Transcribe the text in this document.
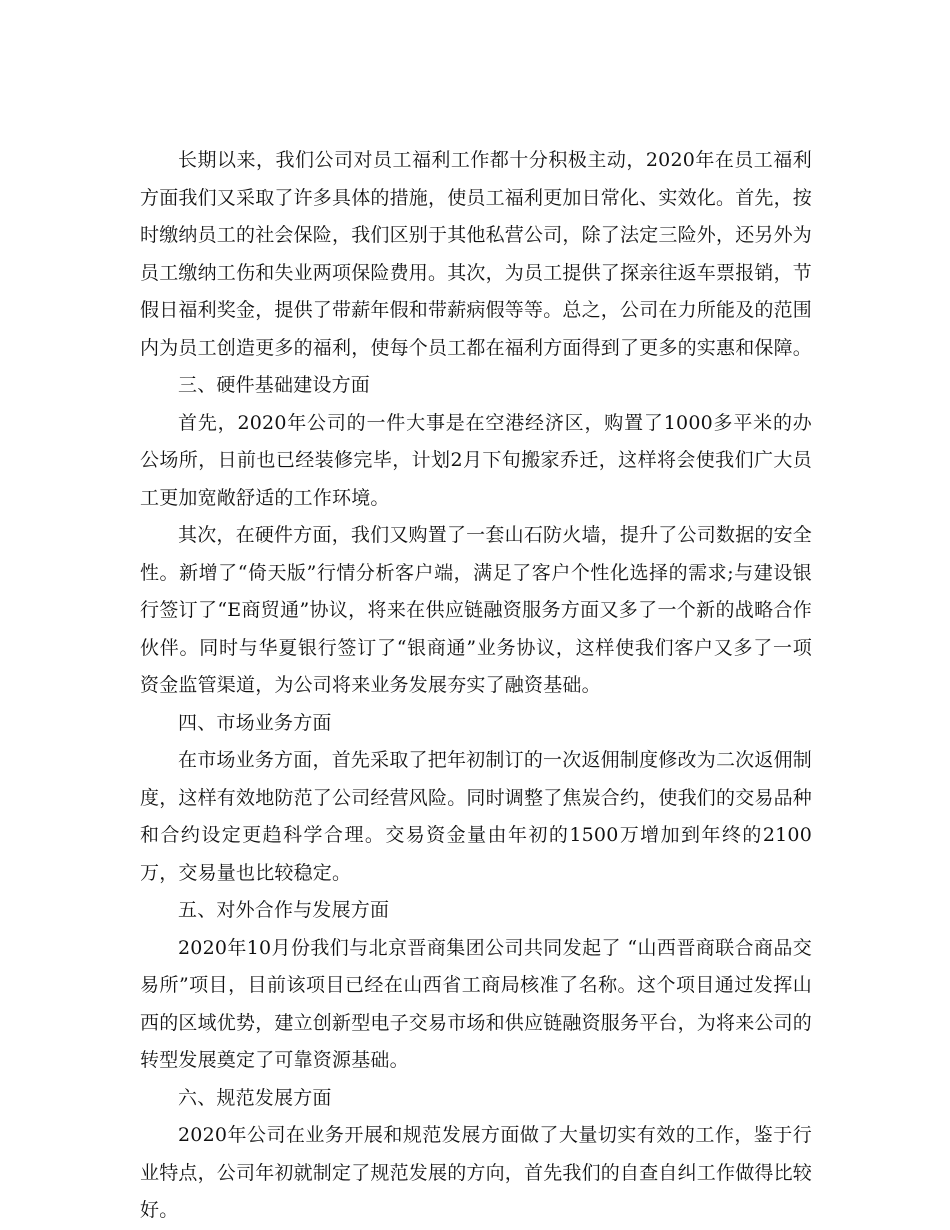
长期以来，我们公司对员工福利工作都十分积极主动，2020年在员工福利方面我们又采取了许多具体的措施，使员工福利更加日常化、实效化。首先，按时缴纳员工的社会保险，我们区别于其他私营公司，除了法定三险外，还另外为员工缴纳工伤和失业两项保险费用。其次，为员工提供了探亲往返车票报销，节假日福利奖金，提供了带薪年假和带薪病假等等。总之，公司在力所能及的范围内为员工创造更多的福利，使每个员工都在福利方面得到了更多的实惠和保障。

三、硬件基础建设方面

首先，2020年公司的一件大事是在空港经济区，购置了1000多平米的办公场所，日前也已经装修完毕，计划2月下旬搬家乔迁，这样将会使我们广大员工更加宽敞舒适的工作环境。

其次，在硬件方面，我们又购置了一套山石防火墙，提升了公司数据的安全性。新增了“倚天版”行情分析客户端，满足了客户个性化选择的需求;与建设银行签订了“E商贸通”协议，将来在供应链融资服务方面又多了一个新的战略合作伙伴。同时与华夏银行签订了“银商通”业务协议，这样使我们客户又多了一项资金监管渠道，为公司将来业务发展夯实了融资基础。

四、市场业务方面

在市场业务方面，首先采取了把年初制订的一次返佣制度修改为二次返佣制度，这样有效地防范了公司经营风险。同时调整了焦炭合约，使我们的交易品种和合约设定更趋科学合理。交易资金量由年初的1500万增加到年终的2100万，交易量也比较稳定。

五、对外合作与发展方面

2020年10月份我们与北京晋商集团公司共同发起了 “山西晋商联合商品交易所”项目，目前该项目已经在山西省工商局核准了名称。这个项目通过发挥山西的区域优势，建立创新型电子交易市场和供应链融资服务平台，为将来公司的转型发展奠定了可靠资源基础。

六、规范发展方面

2020年公司在业务开展和规范发展方面做了大量切实有效的工作，鉴于行业特点，公司年初就制定了规范发展的方向，首先我们的自查自纠工作做得比较好。
